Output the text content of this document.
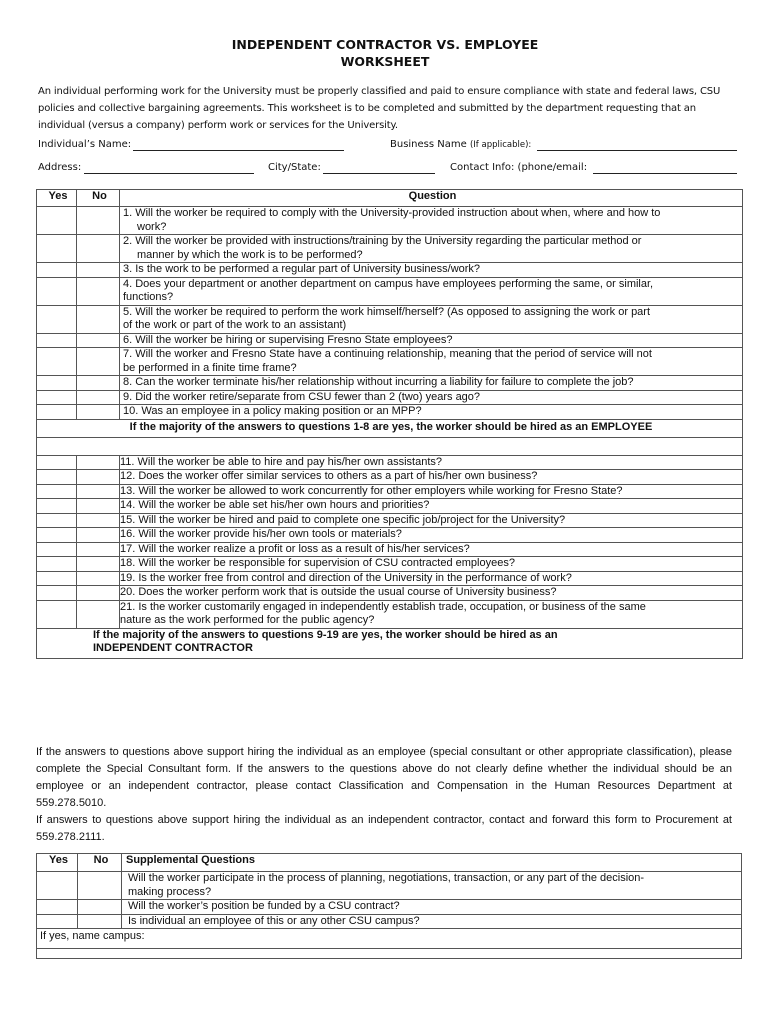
INDEPENDENT CONTRACTOR VS. EMPLOYEE
WORKSHEET
An individual performing work for the University must be properly classified and paid to ensure compliance with state and federal laws, CSU policies and collective bargaining agreements. This worksheet is to be completed and submitted by the department requesting that an individual (versus a company) perform work or services for the University.
Individual’s Name:	Business Name (If applicable):
Address:	City/State:	Contact Info: (phone/email:
Yes	No	Question
		1. Will the worker be required to comply with the University-provided instruction about when, where and how to
work?

		2. Will the worker be provided with instructions/training by the University regarding the particular method or
manner by which the work is to be performed?

		3. Is the work to be performed a regular part of University business/work?
		4. Does your department or another department on campus have employees performing the same, or similar,
functions?

		5. Will the worker be required to perform the work himself/herself? (As opposed to assigning the work or part
of the work or part of the work to an assistant)

		6. Will the worker be hiring or supervising Fresno State employees?
		7. Will the worker and Fresno State have a continuing relationship, meaning that the period of service will not
be performed in a finite time frame?

		8. Can the worker terminate his/her relationship without incurring a liability for failure to complete the job?
		9. Did the worker retire/separate from CSU fewer than 2 (two) years ago?
		10. Was an employee in a policy making position or an MPP?
If the majority of the answers to questions 1-8 are yes, the worker should be hired as an EMPLOYEE		

		11. Will the worker be able to hire and pay his/her own assistants?
		12. Does the worker offer similar services to others as a part of his/her own business?
		13. Will the worker be allowed to work concurrently for other employers while working for Fresno State?
		14. Will the worker be able set his/her own hours and priorities?
		15. Will the worker be hired and paid to complete one specific job/project for the University?
		16. Will the worker provide his/her own tools or materials?
		17. Will the worker realize a profit or loss as a result of his/her services?
		18. Will the worker be responsible for supervision of CSU contracted employees?
		19. Is the worker free from control and direction of the University in the performance of work?
		20. Does the worker perform work that is outside the usual course of University business?
		21. Is the worker customarily engaged in independently establish trade, occupation, or business of the same
nature as the work performed for the public agency?

If the majority of the answers to questions 9-19 are yes, the worker should be hired as an
INDEPENDENT CONTRACTOR		
If the answers to questions above support hiring the individual as an employee (special consultant or other appropriate classification), please complete the Special Consultant form. If the answers to the questions above do not clearly define whether the individual should be an employee or an independent contractor, please contact Classification and Compensation in the Human Resources Department at 559.278.5010.
If answers to questions above support hiring the individual as an independent contractor, contact and forward this form to Procurement at 559.278.2111.
Yes	No	Supplemental Questions
		Will the worker participate in the process of planning, negotiations, transaction, or any part of the decision-
making process?

		Will the worker’s position be funded by a CSU contract?
		Is individual an employee of this or any other CSU campus?
If yes, name campus:		
